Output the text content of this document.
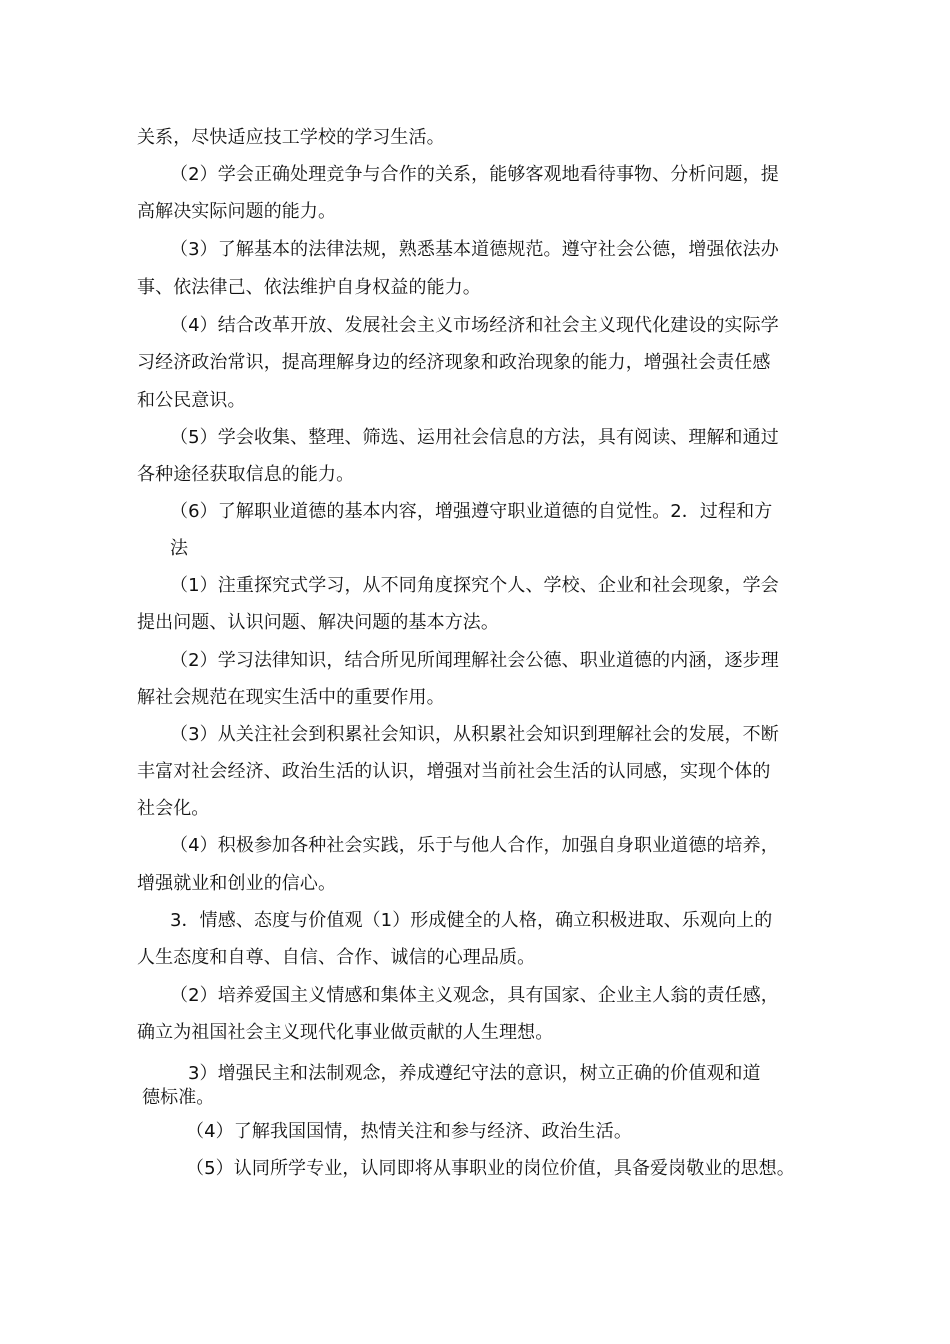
关系，尽快适应技工学校的学习生活。
（2）学会正确处理竞争与合作的关系，能够客观地看待事物、分析问题，提
高解决实际问题的能力。
（3）了解基本的法律法规，熟悉基本道德规范。遵守社会公德，增强依法办
事、依法律己、依法维护自身权益的能力。
（4）结合改革开放、发展社会主义市场经济和社会主义现代化建设的实际学
习经济政治常识，提高理解身边的经济现象和政治现象的能力，增强社会责任感
和公民意识。
（5）学会收集、整理、筛选、运用社会信息的方法，具有阅读、理解和通过
各种途径获取信息的能力。
（6）了解职业道德的基本内容，增强遵守职业道德的自觉性。2．过程和方
法
（1）注重探究式学习，从不同角度探究个人、学校、企业和社会现象，学会
提出问题、认识问题、解决问题的基本方法。
（2）学习法律知识，结合所见所闻理解社会公德、职业道德的内涵，逐步理
解社会规范在现实生活中的重要作用。
（3）从关注社会到积累社会知识，从积累社会知识到理解社会的发展，不断
丰富对社会经济、政治生活的认识，增强对当前社会生活的认同感，实现个体的
社会化。
（4）积极参加各种社会实践，乐于与他人合作，加强自身职业道德的培养，
增强就业和创业的信心。
3．情感、态度与价值观（1）形成健全的人格，确立积极进取、乐观向上的
人生态度和自尊、自信、合作、诚信的心理品质。
（2）培养爱国主义情感和集体主义观念，具有国家、企业主人翁的责任感，
确立为祖国社会主义现代化事业做贡献的人生理想。
3）增强民主和法制观念，养成遵纪守法的意识，树立正确的价值观和道
德标准。
（4）了解我国国情，热情关注和参与经济、政治生活。
（5）认同所学专业，认同即将从事职业的岗位价值，具备爱岗敬业的思想。
